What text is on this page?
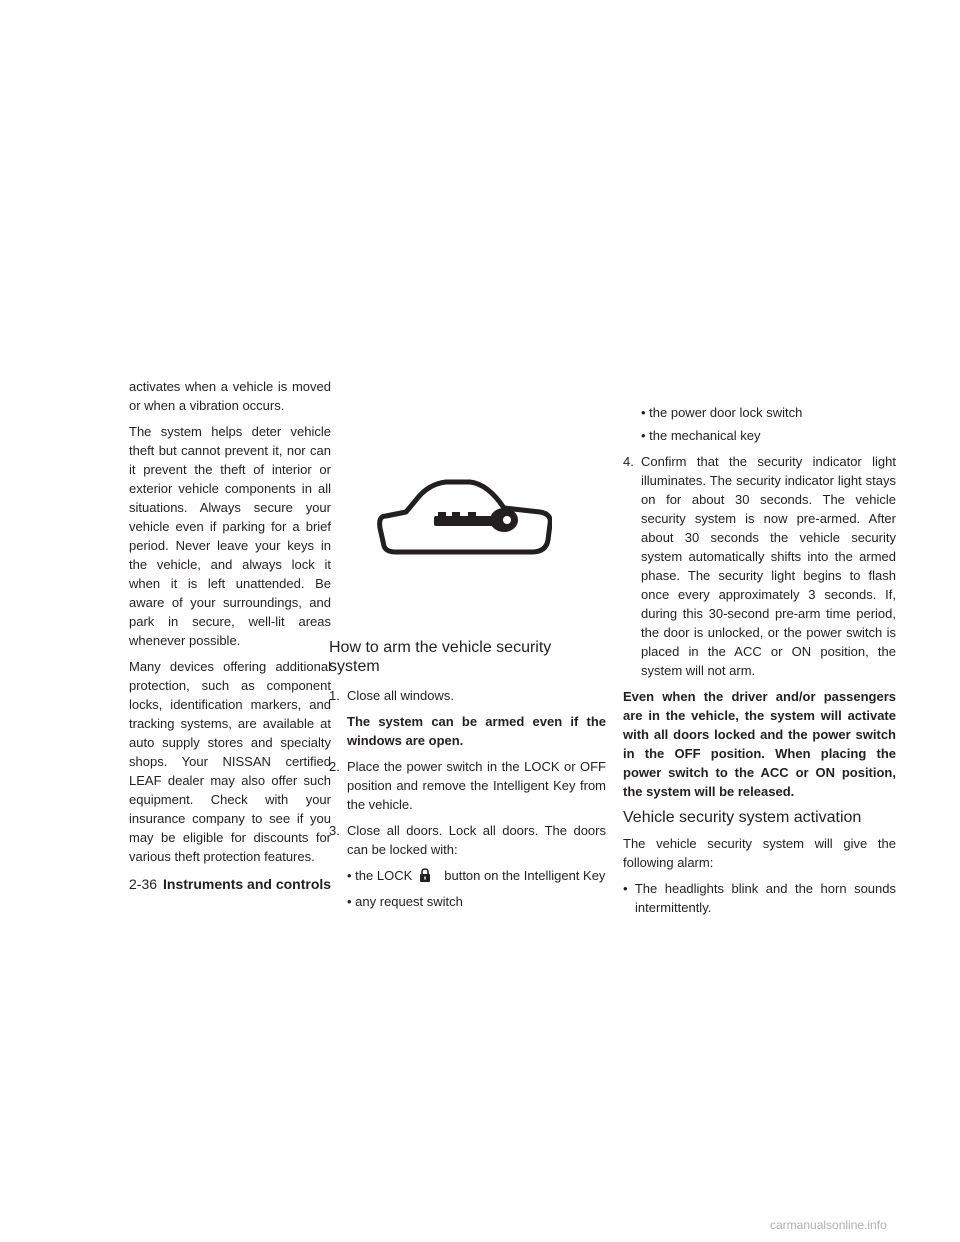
activates when a vehicle is moved or when a vibration occurs.

The system helps deter vehicle theft but cannot prevent it, nor can it prevent the theft of interior or exterior vehicle components in all situations. Always secure your vehicle even if parking for a brief period. Never leave your keys in the vehicle, and always lock it when it is left unattended. Be aware of your surroundings, and park in secure, well-lit areas whenever possible.

Many devices offering additional protection, such as component locks, identification markers, and tracking systems, are available at auto supply stores and specialty shops. Your NISSAN certified LEAF dealer may also offer such equipment. Check with your insurance company to see if you may be eligible for discounts for various theft protection features.

How to arm the vehicle security system

1. Close all windows.

The system can be armed even if the windows are open.

2. Place the power switch in the LOCK or OFF position and remove the Intelligent Key from the vehicle.

3. Close all doors. Lock all doors. The doors can be locked with:

• the LOCK button on the Intelligent Key

• any request switch

• the power door lock switch

• the mechanical key

4. Confirm that the security indicator light illuminates. The security indicator light stays on for about 30 seconds. The vehicle security system is now pre-armed. After about 30 seconds the vehicle security system automatically shifts into the armed phase. The security light begins to flash once every approximately 3 seconds. If, during this 30-second pre-arm time period, the door is unlocked, or the power switch is placed in the ACC or ON position, the system will not arm.

Even when the driver and/or passengers are in the vehicle, the system will activate with all doors locked and the power switch in the OFF position. When placing the power switch to the ACC or ON position, the system will be released.

Vehicle security system activation

The vehicle security system will give the following alarm:

• The headlights blink and the horn sounds intermittently.

2-36 Instruments and controls
carmanualsonline.info
